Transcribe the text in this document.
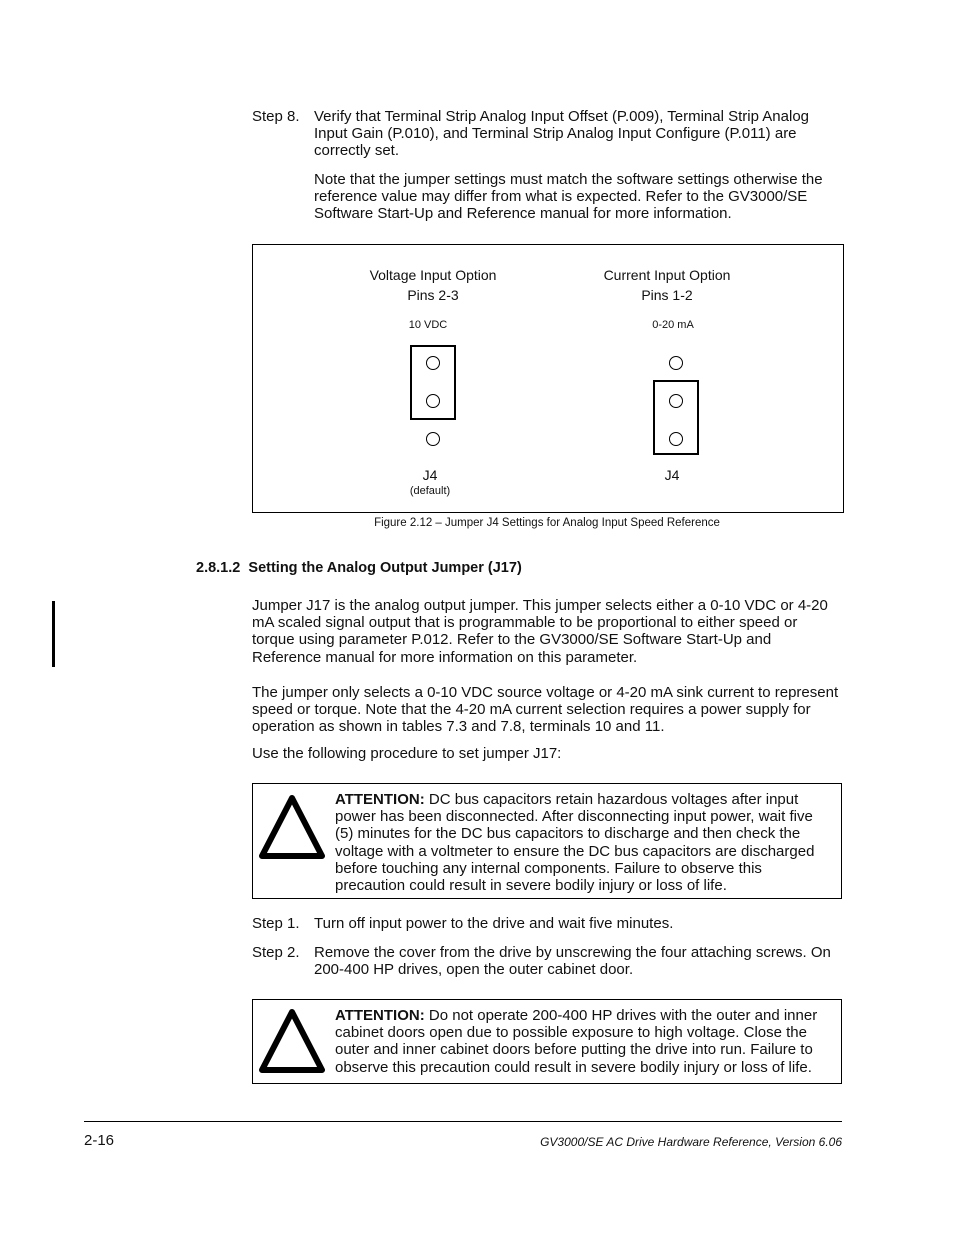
Step 8. Verify that Terminal Strip Analog Input Offset (P.009), Terminal Strip Analog Input Gain (P.010), and Terminal Strip Analog Input Configure (P.011) are correctly set.
Note that the jumper settings must match the software settings otherwise the reference value may differ from what is expected. Refer to the GV3000/SE Software Start-Up and Reference manual for more information.
Voltage Input Option
Pins 2-3
10 VDC
J4
(default)
Current Input Option
Pins 1-2
0-20 mA
J4
Figure 2.12 – Jumper J4 Settings for Analog Input Speed Reference
2.8.1.2 Setting the Analog Output Jumper (J17)
Jumper J17 is the analog output jumper. This jumper selects either a 0-10 VDC or 4-20 mA scaled signal output that is programmable to be proportional to either speed or torque using parameter P.012. Refer to the GV3000/SE Software Start-Up and Reference manual for more information on this parameter.
The jumper only selects a 0-10 VDC source voltage or 4-20 mA sink current to represent speed or torque. Note that the 4-20 mA current selection requires a power supply for operation as shown in tables 7.3 and 7.8, terminals 10 and 11.
Use the following procedure to set jumper J17:
ATTENTION: DC bus capacitors retain hazardous voltages after input power has been disconnected. After disconnecting input power, wait five (5) minutes for the DC bus capacitors to discharge and then check the voltage with a voltmeter to ensure the DC bus capacitors are discharged before touching any internal components. Failure to observe this precaution could result in severe bodily injury or loss of life.
Step 1. Turn off input power to the drive and wait five minutes.
Step 2. Remove the cover from the drive by unscrewing the four attaching screws. On 200-400 HP drives, open the outer cabinet door.
ATTENTION: Do not operate 200-400 HP drives with the outer and inner cabinet doors open due to possible exposure to high voltage. Close the outer and inner cabinet doors before putting the drive into run. Failure to observe this precaution could result in severe bodily injury or loss of life.
2-16	GV3000/SE AC Drive Hardware Reference, Version 6.06
